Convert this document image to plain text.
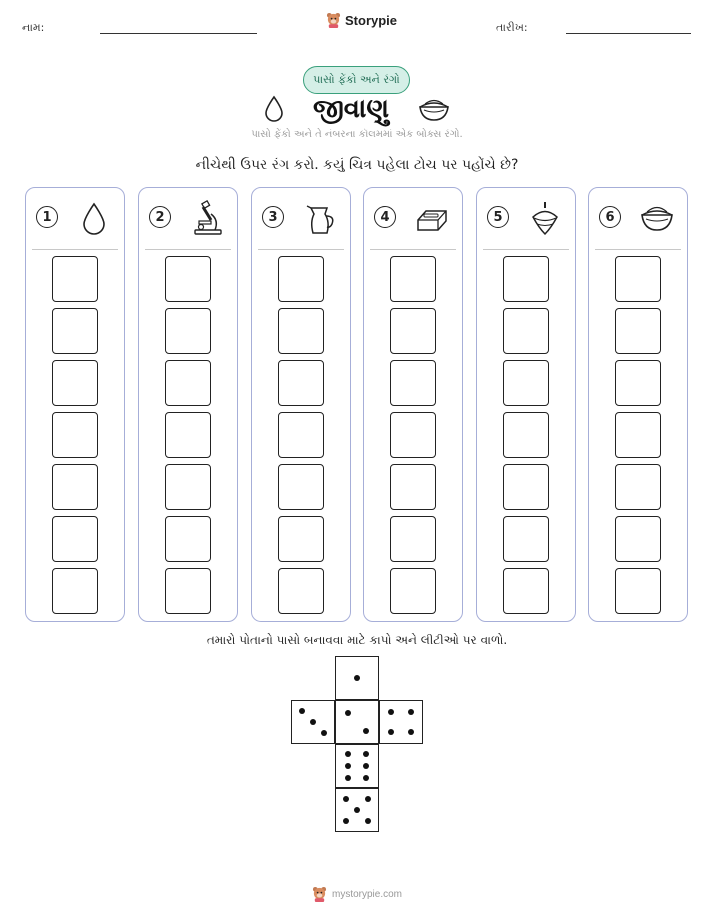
નામ:	Storypie	તારીખ:
પાસો ફેંકો અને રંગો
જીવાણુ
પાસો ફેંકો અને તે નંબરના કૉલમમાં એક બોક્સ રંગો.
નીચેથી ઉપર રંગ કરો. કયું ચિત્ર પહેલા ટોચ પર પહોંચે છે?
1	2	3	4	5	6
તમારો પોતાનો પાસો બનાવવા માટે કાપો અને લીટીઓ પર વાળો.
mystorypie.com
